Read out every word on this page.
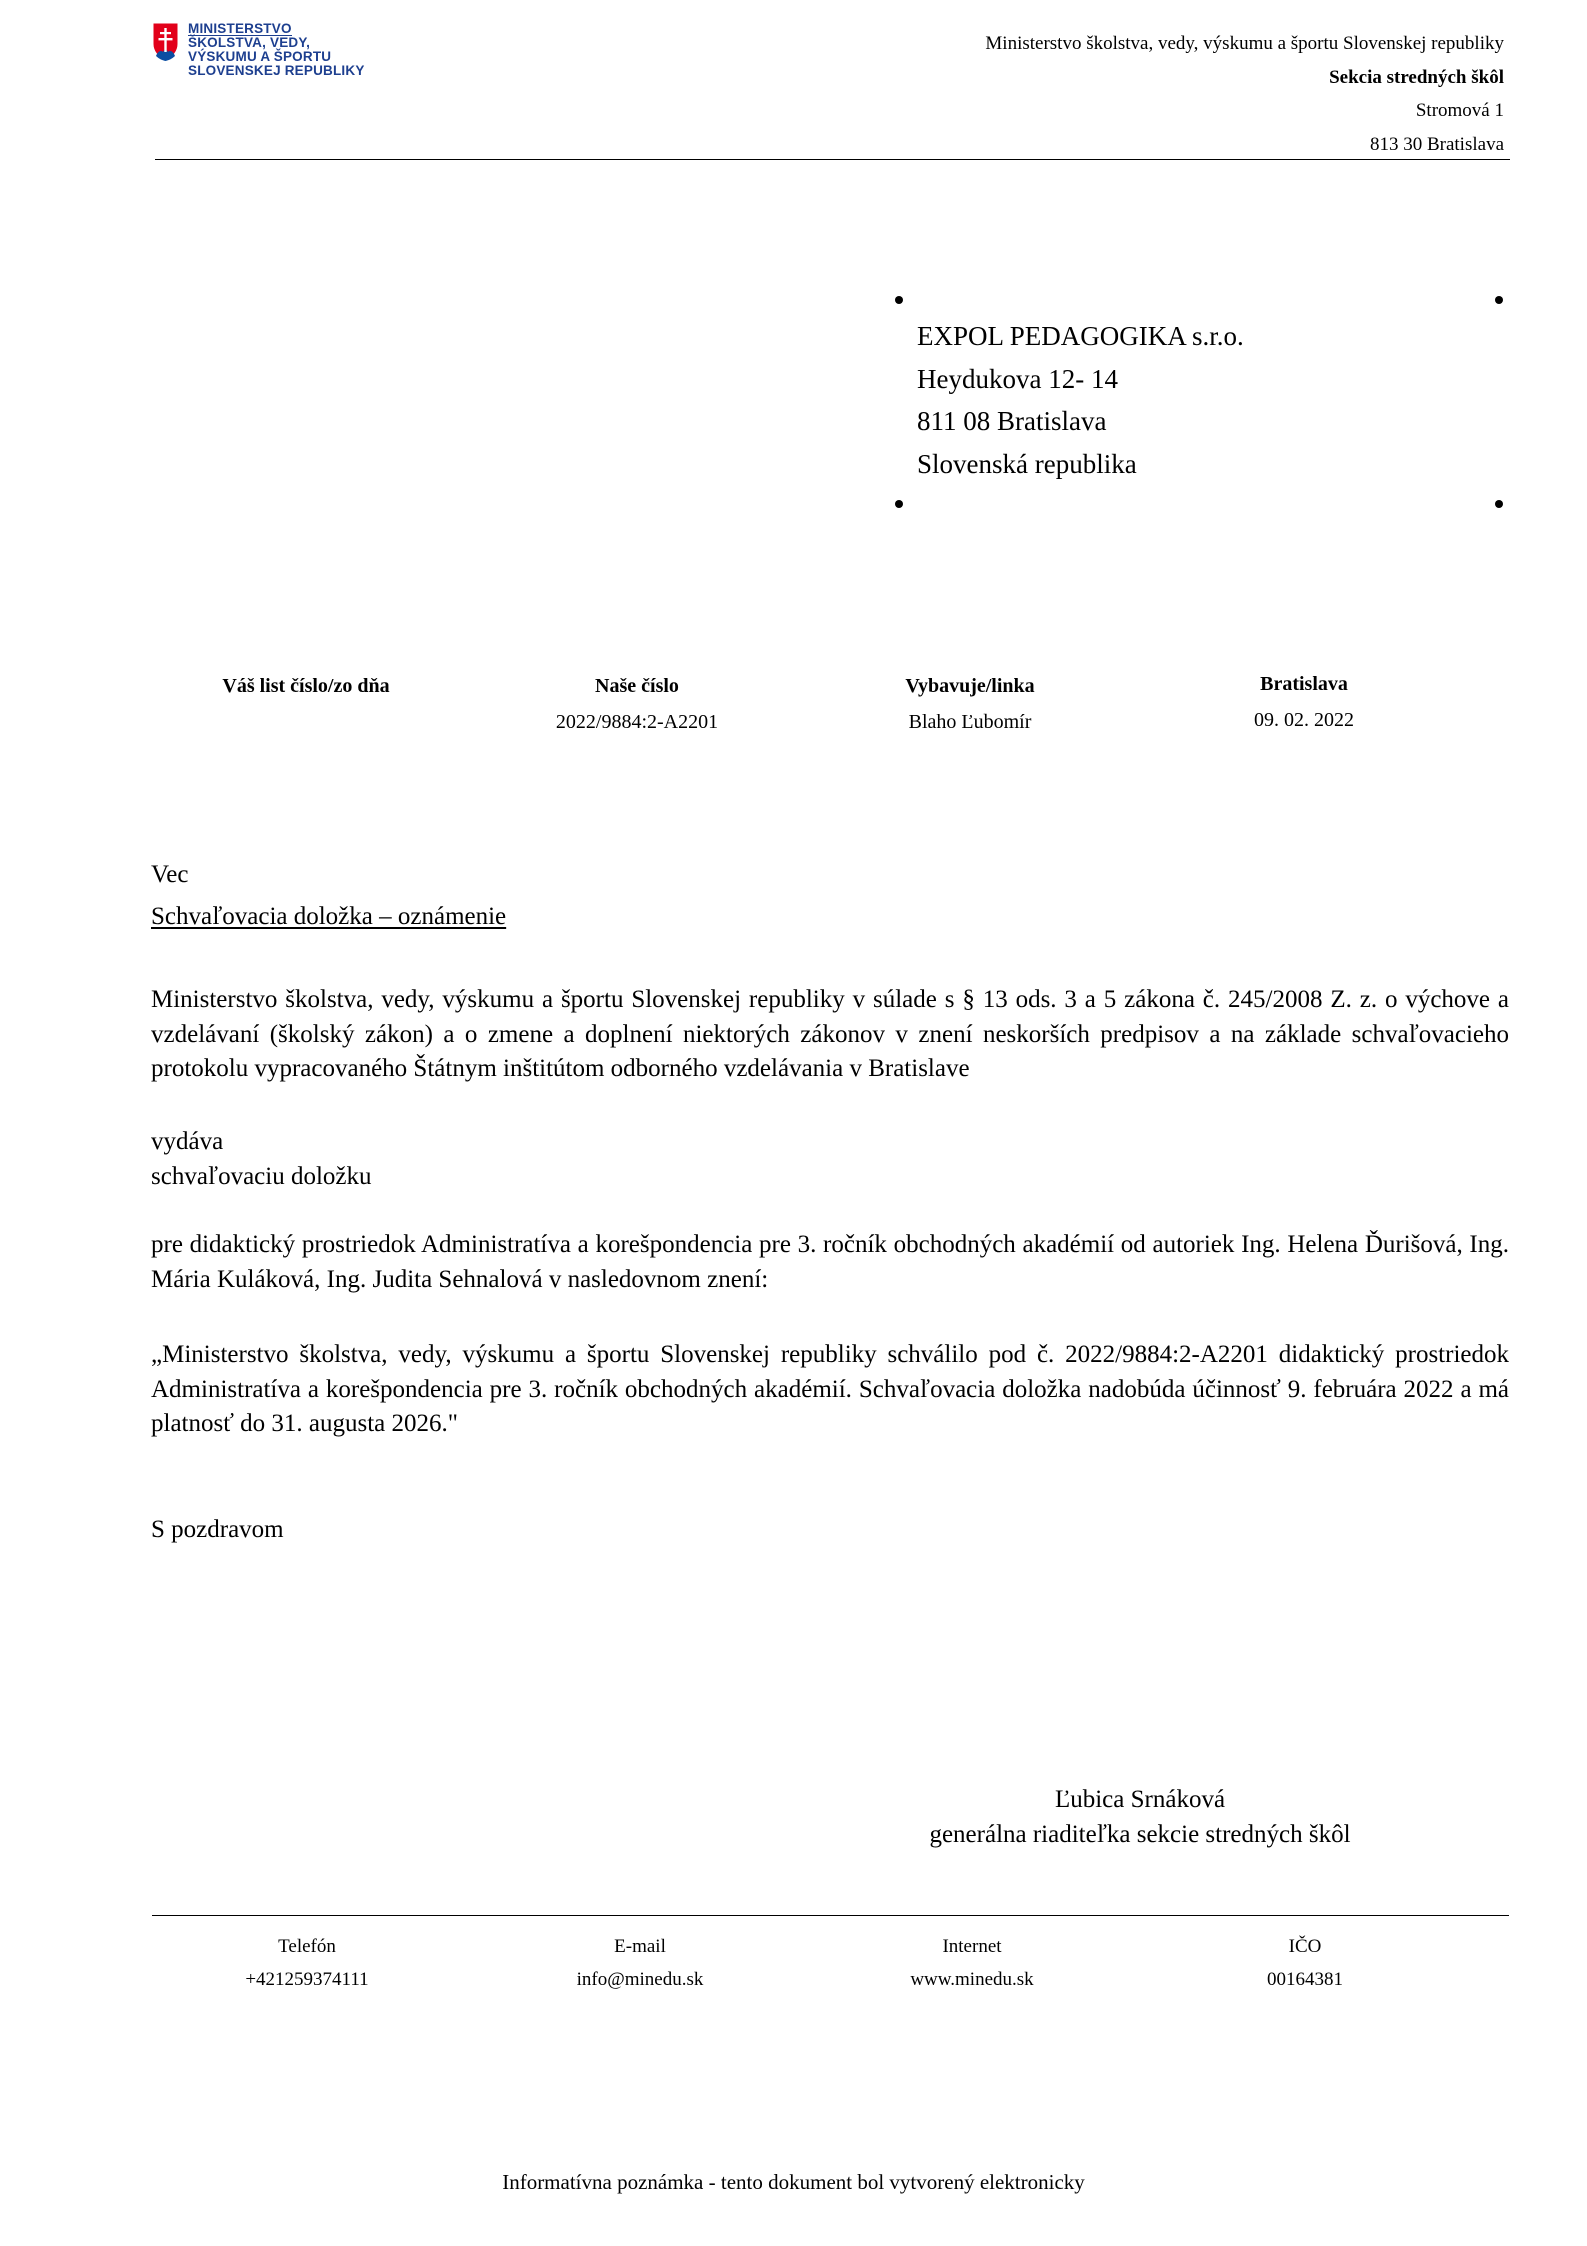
MINISTERSTVO
ŠKOLSTVA, VEDY,
VÝSKUMU A ŠPORTU
SLOVENSKEJ REPUBLIKY
Ministerstvo školstva, vedy, výskumu a športu Slovenskej republiky
Sekcia stredných škôl
Stromová 1
813 30 Bratislava
EXPOL PEDAGOGIKA s.r.o.
Heydukova 12- 14
811 08 Bratislava
Slovenská republika
Váš list číslo/zo dňa	Naše číslo
2022/9884:2-A2201
Vybavuje/linka
Blaho Ľubomír
Bratislava
09. 02. 2022
Vec
Schvaľovacia doložka – oznámenie
Ministerstvo školstva, vedy, výskumu a športu Slovenskej republiky v súlade s § 13 ods. 3 a 5 zákona č. 245/2008 Z. z. o výchove a vzdelávaní (školský zákon) a o zmene a doplnení niektorých zákonov v znení neskorších predpisov a na základe schvaľovacieho protokolu vypracovaného Štátnym inštitútom odborného vzdelávania v Bratislave
vydáva
schvaľovaciu doložku
pre didaktický prostriedok Administratíva a korešpondencia pre 3. ročník obchodných akadémií od autoriek Ing. Helena Ďurišová, Ing. Mária Kuláková, Ing. Judita Sehnalová v nasledovnom znení:
„Ministerstvo školstva, vedy, výskumu a športu Slovenskej republiky schválilo pod č. 2022/9884:2-A2201 didaktický prostriedok Administratíva a korešpondencia pre 3. ročník obchodných akadémií. Schvaľovacia doložka nadobúda účinnosť 9. februára 2022 a má platnosť do 31. augusta 2026."
S pozdravom
Ľubica Srnáková
generálna riaditeľka sekcie stredných škôl
Telefón
+421259374111
E-mail
info@minedu.sk
Internet
www.minedu.sk
IČO
00164381
Informatívna poznámka - tento dokument bol vytvorený elektronicky
